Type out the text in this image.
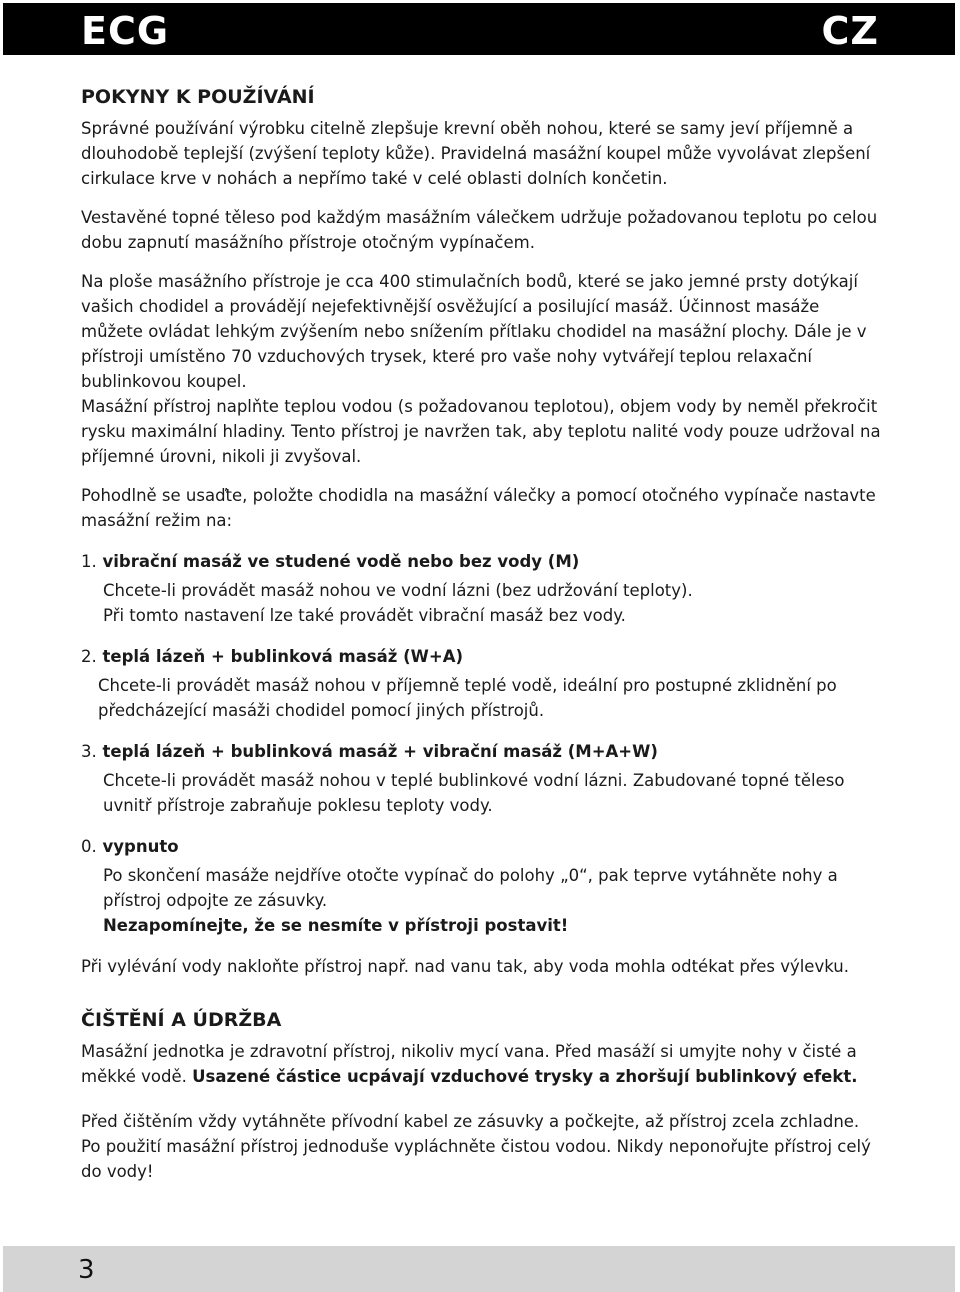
ECG	CZ
POKYNY K POUŽÍVÁNÍ

Správné používání výrobku citelně zlepšuje krevní oběh nohou, které se samy jeví příjemně a dlouhodobě teplejší (zvýšení teploty kůže). Pravidelná masážní koupel může vyvolávat zlepšení cirkulace krve v nohách a nepřímo také v celé oblasti dolních končetin.

Vestavěné topné těleso pod každým masážním válečkem udržuje požadovanou teplotu po celou dobu zapnutí masážního přístroje otočným vypínačem.

Na ploše masážního přístroje je cca 400 stimulačních bodů, které se jako jemné prsty dotýkají vašich chodidel a provádějí nejefektivnější osvěžující a posilující masáž. Účinnost masáže můžete ovládat lehkým zvýšením nebo snížením přítlaku chodidel na masážní plochy. Dále je v přístroji umístěno 70 vzduchových trysek, které pro vaše nohy vytvářejí teplou relaxační bublinkovou koupel.

Masážní přístroj naplňte teplou vodou (s požadovanou teplotou), objem vody by neměl překročit rysku maximální hladiny. Tento přístroj je navržen tak, aby teplotu nalité vody pouze udržoval na příjemné úrovni, nikoli ji zvyšoval.

Pohodlně se usaďte, položte chodidla na masážní válečky a pomocí otočného vypínače nastavte masážní režim na:

1. vibrační masáž ve studené vodě nebo bez vody (M)
Chcete-li provádět masáž nohou ve vodní lázni (bez udržování teploty).
Při tomto nastavení lze také provádět vibrační masáž bez vody.
2. teplá lázeň + bublinková masáž (W+A)
Chcete-li provádět masáž nohou v příjemně teplé vodě, ideální pro postupné zklidnění po předcházející masáži chodidel pomocí jiných přístrojů.
3. teplá lázeň + bublinková masáž + vibrační masáž (M+A+W)
Chcete-li provádět masáž nohou v teplé bublinkové vodní lázni. Zabudované topné těleso uvnitř přístroje zabraňuje poklesu teploty vody.
0. vypnuto
Po skončení masáže nejdříve otočte vypínač do polohy „0“, pak teprve vytáhněte nohy a přístroj odpojte ze zásuvky.
Nezapomínejte, že se nesmíte v přístroji postavit!

Při vylévání vody nakloňte přístroj např. nad vanu tak, aby voda mohla odtékat přes výlevku.

ČIŠTĚNÍ A ÚDRŽBA

Masážní jednotka je zdravotní přístroj, nikoliv mycí vana. Před masáží si umyjte nohy v čisté a měkké vodě. Usazené částice ucpávají vzduchové trysky a zhoršují bublinkový efekt.

Před čištěním vždy vytáhněte přívodní kabel ze zásuvky a počkejte, až přístroj zcela zchladne. Po použití masážní přístroj jednoduše vypláchněte čistou vodou. Nikdy neponořujte přístroj celý do vody!

3
